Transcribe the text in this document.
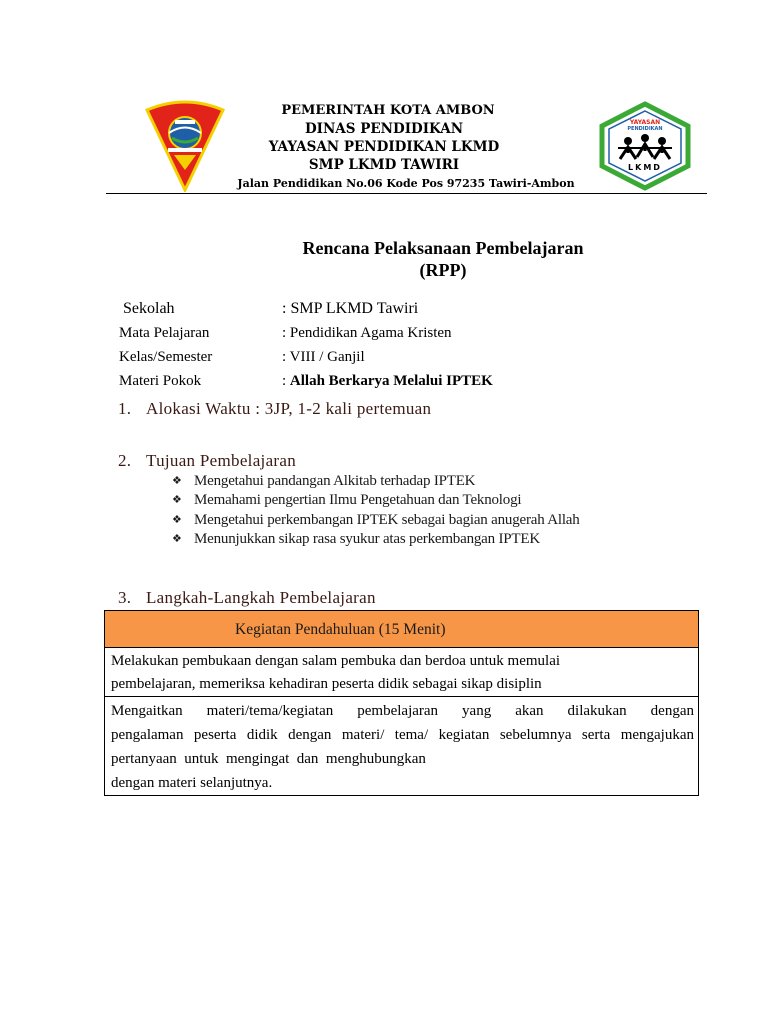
PEMERINTAH KOTA AMBON
DINAS PENDIDIKAN
YAYASAN PENDIDIKAN LKMD
SMP LKMD TAWIRI
Jalan Pendidikan No.06 Kode Pos 97235 Tawiri-Ambon
YAYASAN
PENDIDIKAN
LKMD
Rencana Pelaksanaan Pembelajaran
(RPP)
Sekolah	: SMP LKMD Tawiri
Mata Pelajaran	: Pendidikan Agama Kristen
Kelas/Semester	: VIII / Ganjil
Materi Pokok	: Allah Berkarya Melalui IPTEK
1. Alokasi Waktu : 3JP, 1-2 kali pertemuan
2. Tujuan Pembelajaran
❖ Mengetahui pandangan Alkitab terhadap IPTEK
❖ Memahami pengertian Ilmu Pengetahuan dan Teknologi
❖ Mengetahui perkembangan IPTEK sebagai bagian anugerah Allah
❖ Menunjukkan sikap rasa syukur atas perkembangan IPTEK
3. Langkah-Langkah Pembelajaran
Kegiatan Pendahuluan (15 Menit)
Melakukan pembukaan dengan salam pembuka dan berdoa untuk memulai
pembelajaran, memeriksa kehadiran peserta didik sebagai sikap disiplin
Mengaitkan materi/tema/kegiatan pembelajaran yang akan dilakukan dengan
pengalaman peserta didik dengan materi/ tema/ kegiatan sebelumnya serta mengajukan
pertanyaan  untuk  mengingat  dan  menghubungkan
dengan materi selanjutnya.
